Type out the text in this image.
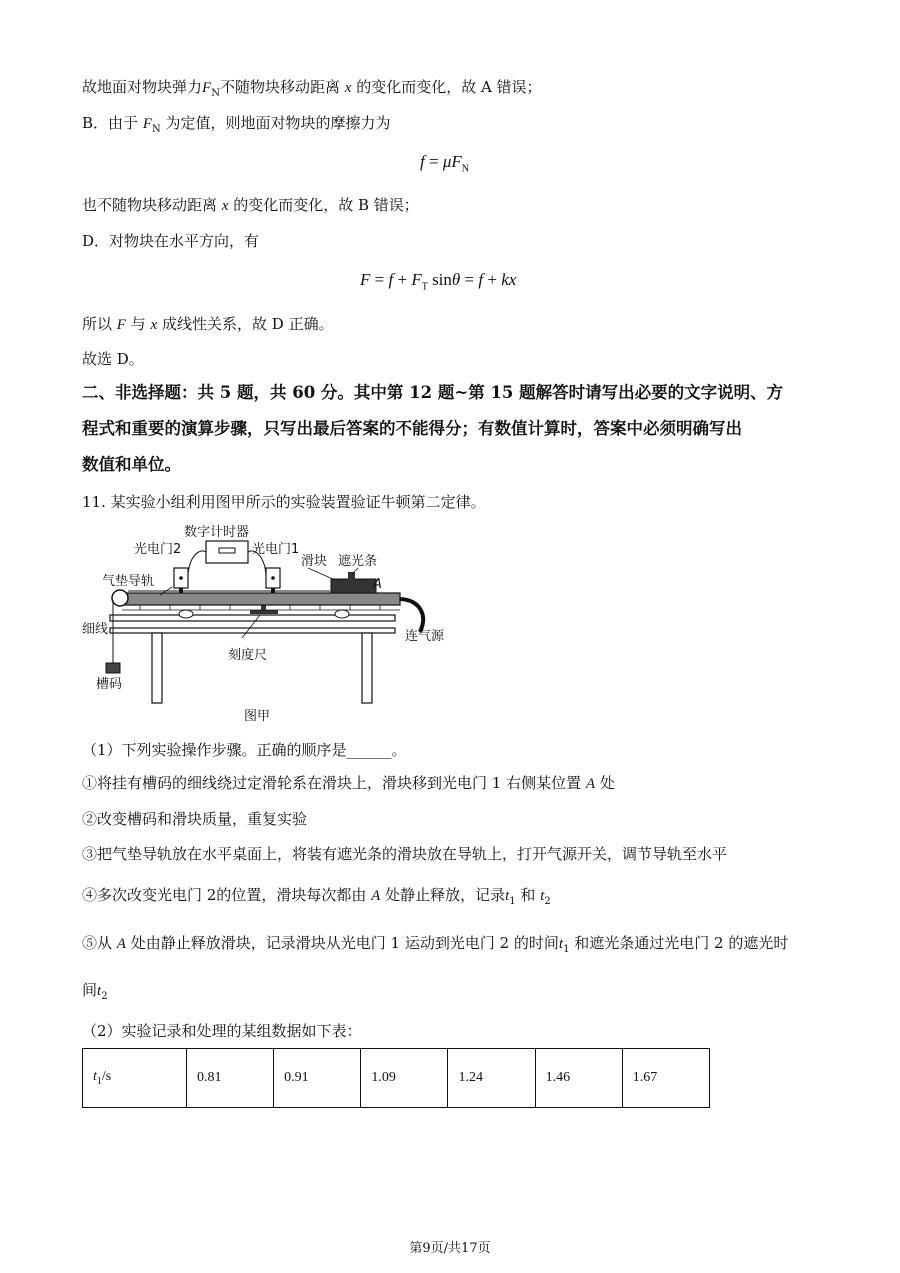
故地面对物块弹力$F_N$不随物块移动距离 x 的变化而变化，故 A 错误；
B．由于 $F_N$ 为定值，则地面对物块的摩擦力为
$f = \mu F_N$
也不随物块移动距离 x 的变化而变化，故 B 错误；
D．对物块在水平方向，有
$F = f + F_T$ sinθ = f + kx
所以 F 与 x 成线性关系，故 D 正确。
故选 D。
二、非选择题：共 5 题，共 60 分。其中第 12 题~第 15 题解答时请写出必要的文字说明、方
程式和重要的演算步骤，只写出最后答案的不能得分；有数值计算时，答案中必须明确写出
数值和单位。
11. 某实验小组利用图甲所示的实验装置验证牛顿第二定律。
数字计时器
光电门2	光电门1
滑块 遮光条
A
气垫导轨
细线
刻度尺
连气源
槽码
图甲
（1）下列实验操作步骤。正确的顺序是______。
①将挂有槽码的细线绕过定滑轮系在滑块上，滑块移到光电门 1 右侧某位置 A 处
②改变槽码和滑块质量，重复实验
③把气垫导轨放在水平桌面上，将装有遮光条的滑块放在导轨上，打开气源开关，调节导轨至水平
④多次改变光电门 2的位置，滑块每次都由 A 处静止释放，记录$t_1$ 和 $t_2$
⑤从 A 处由静止释放滑块，记录滑块从光电门 1 运动到光电门 2 的时间$t_1$ 和遮光条通过光电门 2 的遮光时
间$t_2$
（2）实验记录和处理的某组数据如下表：
$t_1/s$	0.81	0.91	1.09	1.24	1.46	1.67
第9页/共17页
